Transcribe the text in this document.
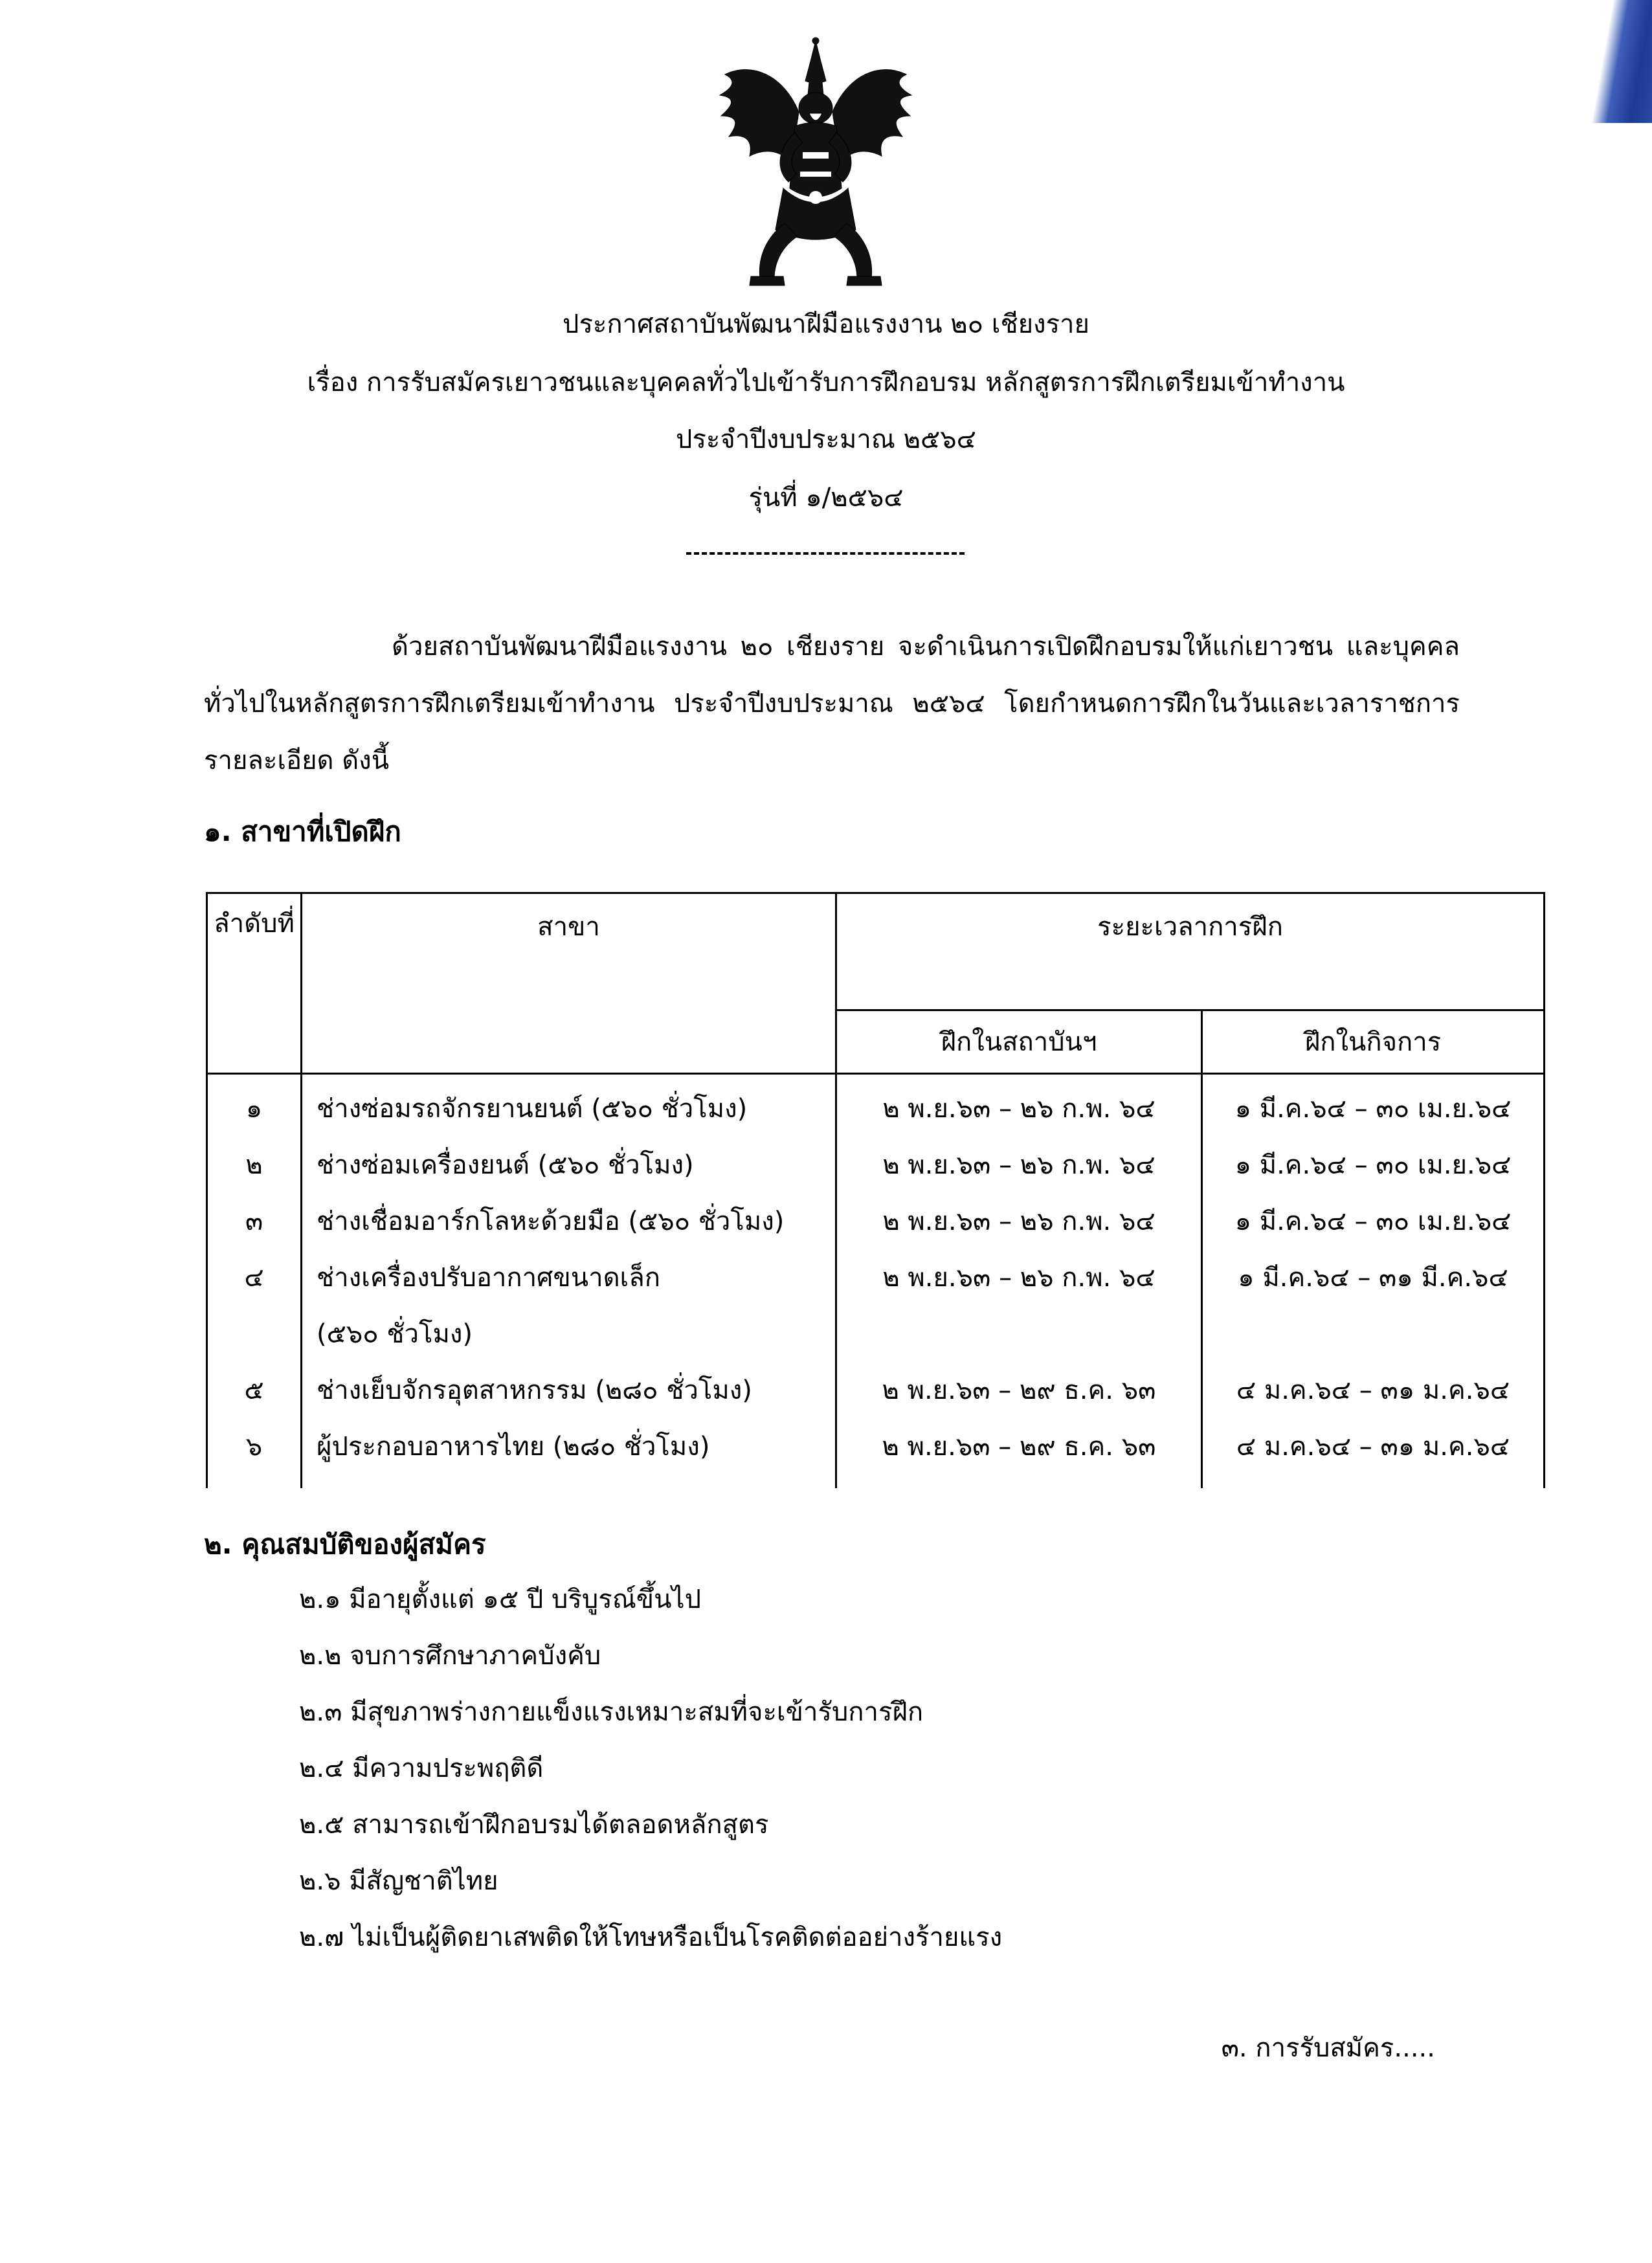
ประกาศสถาบันพัฒนาฝีมือแรงงาน ๒๐ เชียงราย
เรื่อง การรับสมัครเยาวชนและบุคคลทั่วไปเข้ารับการฝึกอบรม หลักสูตรการฝึกเตรียมเข้าทำงาน
ประจำปีงบประมาณ ๒๕๖๔
รุ่นที่ ๑/๒๕๖๔
ด้วยสถาบันพัฒนาฝีมือแรงงาน ๒๐ เชียงราย จะดำเนินการเปิดฝึกอบรมให้แก่เยาวชน และบุคคลทั่วไปในหลักสูตรการฝึกเตรียมเข้าทำงาน ประจำปีงบประมาณ ๒๕๖๔ โดยกำหนดการฝึกในวันและเวลาราชการ รายละเอียด ดังนี้
๑. สาขาที่เปิดฝึก
ลำดับที่	สาขา	ระยะเวลาการฝึก	
		ฝึกในสถาบันฯ	ฝึกในกิจการ
๑	ช่างซ่อมรถจักรยานยนต์ (๕๖๐ ชั่วโมง)	๒ พ.ย.๖๓ – ๒๖ ก.พ. ๖๔	๑ มี.ค.๖๔ – ๓๐ เม.ย.๖๔
๒	ช่างซ่อมเครื่องยนต์ (๕๖๐ ชั่วโมง)	๒ พ.ย.๖๓ – ๒๖ ก.พ. ๖๔	๑ มี.ค.๖๔ – ๓๐ เม.ย.๖๔
๓	ช่างเชื่อมอาร์กโลหะด้วยมือ (๕๖๐ ชั่วโมง)	๒ พ.ย.๖๓ – ๒๖ ก.พ. ๖๔	๑ มี.ค.๖๔ – ๓๐ เม.ย.๖๔
๔	ช่างเครื่องปรับอากาศขนาดเล็ก	๒ พ.ย.๖๓ – ๒๖ ก.พ. ๖๔	๑ มี.ค.๖๔ – ๓๑ มี.ค.๖๔
	(๕๖๐ ชั่วโมง)		
๕	ช่างเย็บจักรอุตสาหกรรม (๒๘๐ ชั่วโมง)	๒ พ.ย.๖๓ – ๒๙ ธ.ค. ๖๓	๔ ม.ค.๖๔ – ๓๑ ม.ค.๖๔
๖	ผู้ประกอบอาหารไทย (๒๘๐ ชั่วโมง)	๒ พ.ย.๖๓ – ๒๙ ธ.ค. ๖๓	๔ ม.ค.๖๔ – ๓๑ ม.ค.๖๔
๒. คุณสมบัติของผู้สมัคร
๒.๑ มีอายุตั้งแต่ ๑๕ ปี บริบูรณ์ขึ้นไป
๒.๒ จบการศึกษาภาคบังคับ
๒.๓ มีสุขภาพร่างกายแข็งแรงเหมาะสมที่จะเข้ารับการฝึก
๒.๔ มีความประพฤติดี
๒.๕ สามารถเข้าฝึกอบรมได้ตลอดหลักสูตร
๒.๖ มีสัญชาติไทย
๒.๗ ไม่เป็นผู้ติดยาเสพติดให้โทษหรือเป็นโรคติดต่ออย่างร้ายแรง
๓. การรับสมัคร.....
